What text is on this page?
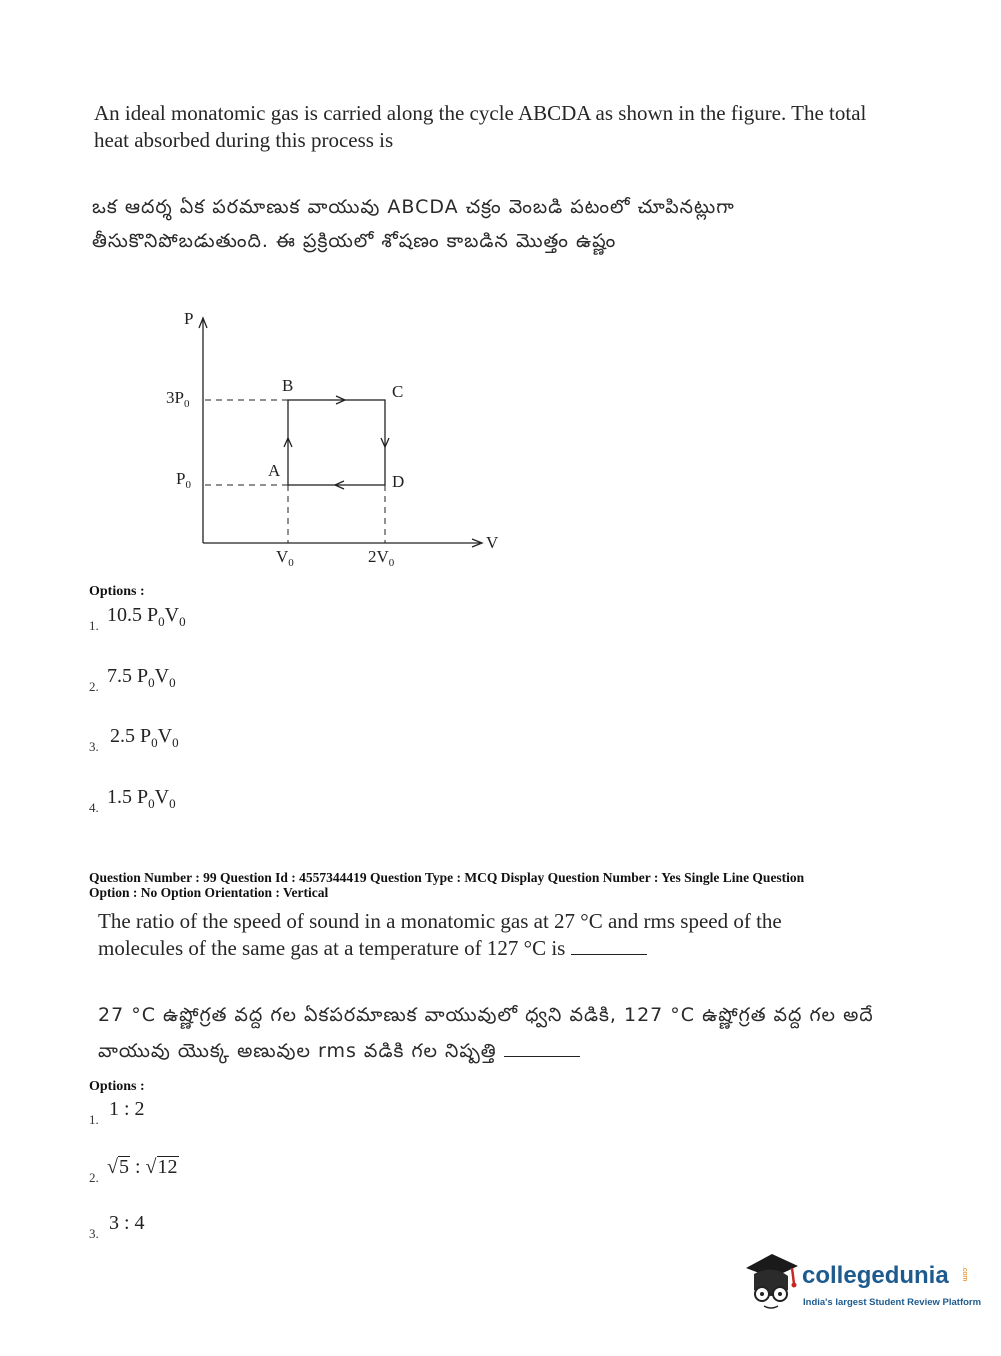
An ideal monatomic gas is carried along the cycle ABCDA as shown in the figure. The total heat absorbed during this process is
ఒక ఆదర్శ ఏక పరమాణుక వాయువు ABCDA చక్రం వెంబడి పటంలో చూపినట్లుగా
తీసుకొనిపోబడుతుంది. ఈ ప్రక్రియలో శోషణం కాబడిన మొత్తం ఉష్ణం
P
V
$3P_0$
$P_0$
$V_0$	$2V_0$
A
B	C
D
Options :
1. 10.5 $P_0V_0$
2. 7.5 $P_0V_0$
3. 2.5 $P_0V_0$
4. 1.5 $P_0V_0$
Question Number : 99 Question Id : 4557344419 Question Type : MCQ Display Question Number : Yes Single Line Question
Option : No Option Orientation : Vertical
The ratio of the speed of sound in a monatomic gas at 27 °C and rms speed of the
molecules of the same gas at a temperature of 127 °C is
27 °C ఉష్ణోగ్రత వద్ద గల ఏకపరమాణుక వాయువులో ధ్వని వడికి, 127 °C ఉష్ణోగ్రత వద్ద గల అదే
వాయువు యొక్క అణువుల rms వడికి గల నిష్పత్తి
Options :
1. 1 : 2
2. √5 : √12
3. 3 : 4
collegedunia .com
India's largest Student Review Platform
